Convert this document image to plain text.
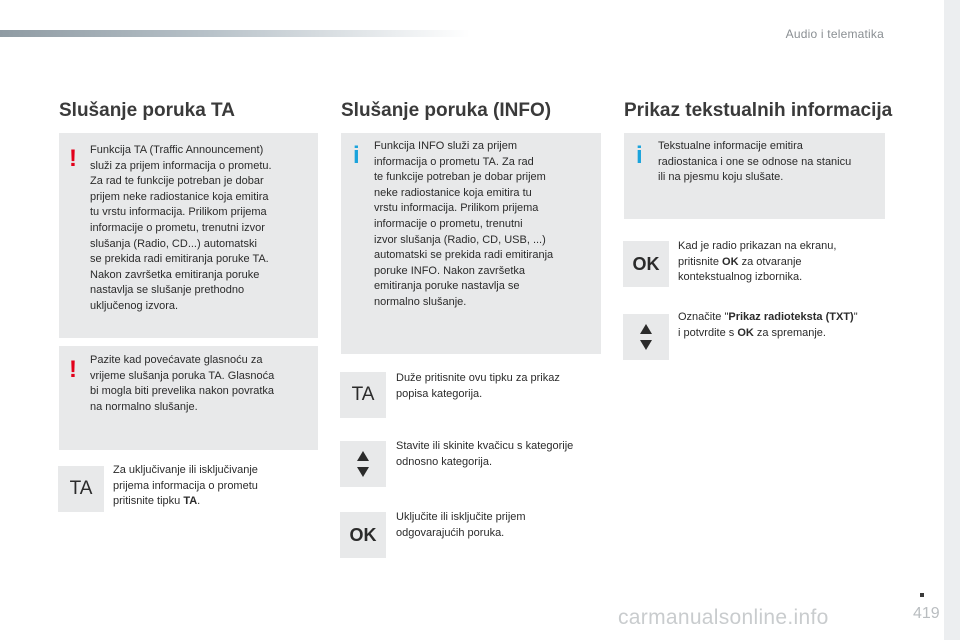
Audio i telematika
Slušanje poruka TA
! Funkcija TA (Traffic Announcement)
služi za prijem informacija o prometu.
Za rad te funkcije potreban je dobar
prijem neke radiostanice koja emitira
tu vrstu informacija. Prilikom prijema
informacije o prometu, trenutni izvor
slušanja (Radio, CD...) automatski
se prekida radi emitiranja poruke TA.
Nakon završetka emitiranja poruke
nastavlja se slušanje prethodno
uključenog izvora.
! Pazite kad povećavate glasnoću za
vrijeme slušanja poruka TA. Glasnoća
bi mogla biti prevelika nakon povratka
na normalno slušanje.
TA
Za uključivanje ili isključivanje
prijema informacija o prometu
pritisnite tipku TA.
Slušanje poruka (INFO)
i Funkcija INFO služi za prijem
informacija o prometu TA. Za rad
te funkcije potreban je dobar prijem
neke radiostanice koja emitira tu
vrstu informacija. Prilikom prijema
informacije o prometu, trenutni
izvor slušanja (Radio, CD, USB, ...)
automatski se prekida radi emitiranja
poruke INFO. Nakon završetka
emitiranja poruke nastavlja se
normalno slušanje.
TA
Duže pritisnite ovu tipku za prikaz
popisa kategorija.
Stavite ili skinite kvačicu s kategorije
odnosno kategorija.
OK
Uključite ili isključite prijem
odgovarajućih poruka.
Prikaz tekstualnih informacija
i Tekstualne informacije emitira
radiostanica i one se odnose na stanicu
ili na pjesmu koju slušate.
OK
Kad je radio prikazan na ekranu,
pritisnite OK za otvaranje
kontekstualnog izbornika.
Označite "Prikaz radioteksta (TXT)"
i potvrdite s OK za spremanje.
carmanualsonline.info	419
